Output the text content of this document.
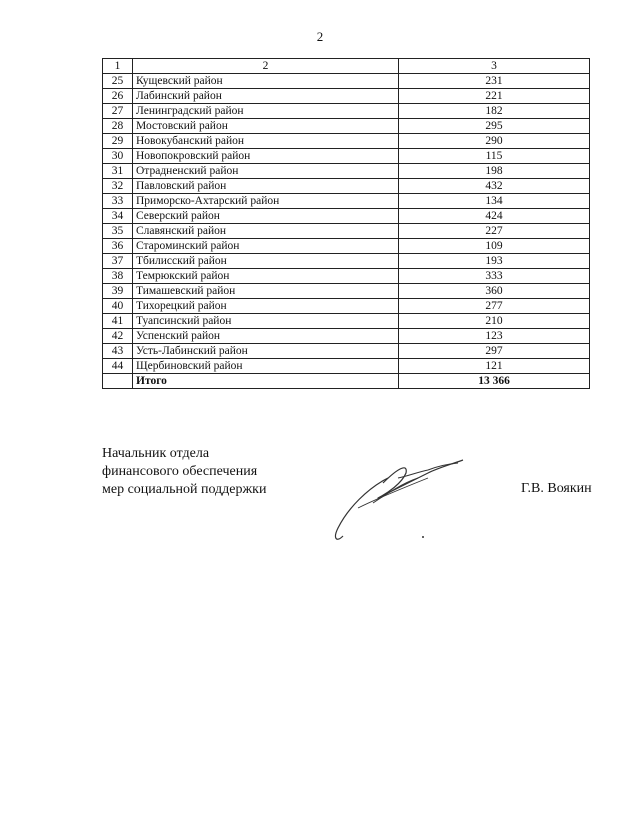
2
1	2	3
25	Кущевский район	231
26	Лабинский район	221
27	Ленинградский район	182
28	Мостовский район	295
29	Новокубанский район	290
30	Новопокровский район	115
31	Отрадненский район	198
32	Павловский район	432
33	Приморско-Ахтарский район	134
34	Северский район	424
35	Славянский район	227
36	Староминский район	109
37	Тбилисский район	193
38	Темрюкский район	333
39	Тимашевский район	360
40	Тихорецкий район	277
41	Туапсинский район	210
42	Успенский район	123
43	Усть-Лабинский район	297
44	Щербиновский район	121
	Итого	13 366
Начальник отдела
финансового обеспечения
мер социальной поддержки	Г.В. Воякин
